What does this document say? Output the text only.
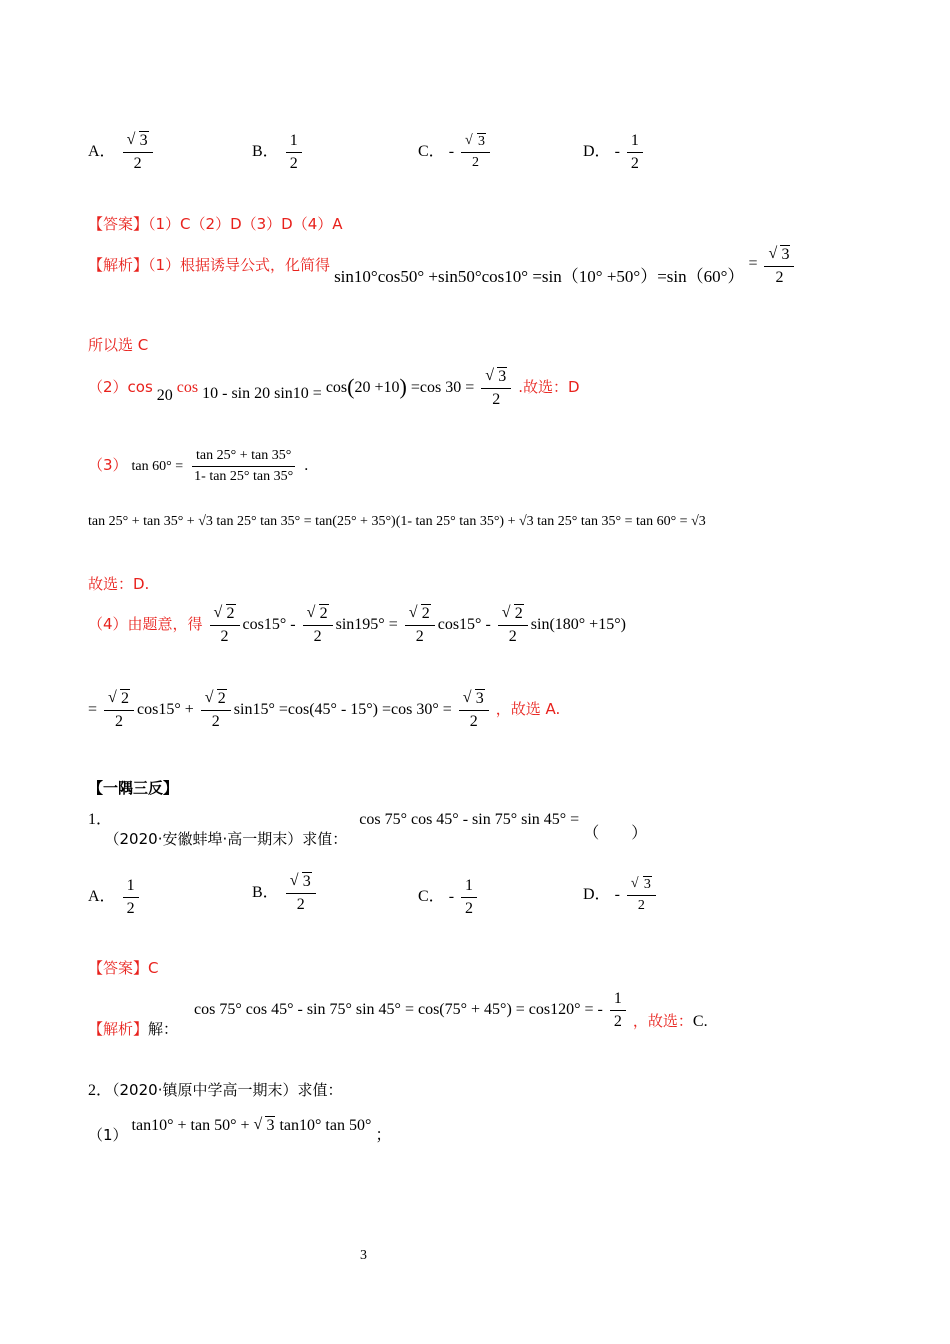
A． √ $\frac{3}{2}$	B． $\frac{1}{2}$	C． - √ $\frac{3}{2}$	D． - $\frac{1}{2}$
【答案】（1）C（2）D（3）D（4）A
【解析】（1）根据诱导公式，化简得 sin10°cos50° +sin50°cos10° =sin（10° +50°）=sin（60°） = √ $\frac{3}{2}$
所以选 C
（2）cos 20 cos 10 - sin 20 sin10 = cos(20 +10) =cos 30 = √ $\frac{3}{2}$ .故选：D
（3） $\tan 60^\circ = \frac{\tan 25^\circ + \tan 35^\circ}{1- \tan 25^\circ \tan 35^\circ}$ .
tan 25° + tan 35° + √3 tan 25° tan 35° = tan(25° + 35°)(1- tan 25° tan 35°) + √3 tan 25° tan 35° = tan 60° = √3
故选：D.
（4）由题意，得 √ $\frac{2}{2} \cos 15^\circ$ - √ $\frac{2}{2} \sin 195^\circ$ = √ $\frac{2}{2} \cos 15^\circ$ - √ $\frac{2}{2} \sin(180^\circ +15^\circ)$
= √ $\frac{2}{2} \cos 15^\circ$ + √ $\frac{2}{2} \sin 15^\circ =\cos(45^\circ - 15^\circ) =\cos$ 30° = √ $\frac{3}{2}$ ，故选 A.
【一隅三反】
1．（2020·安徽蚌埠·高一期末）求值： cos 75° cos 45° - sin 75° sin 45° = （　　）
A． $\frac{1}{2}$	B． √ $\frac{3}{2}$	C． - $\frac{1}{2}$	D． - √ $\frac{3}{2}$
【答案】C
【解析】解： cos 75° cos 45° - sin 75° sin 45° = cos(75° + 45°) = cos120° = - $\frac{1}{2}$ ，故选：C.
2．（2020·镇原中学高一期末）求值：
（1） tan10° + tan 50° + √ 3 tan10° tan 50° ；
3
